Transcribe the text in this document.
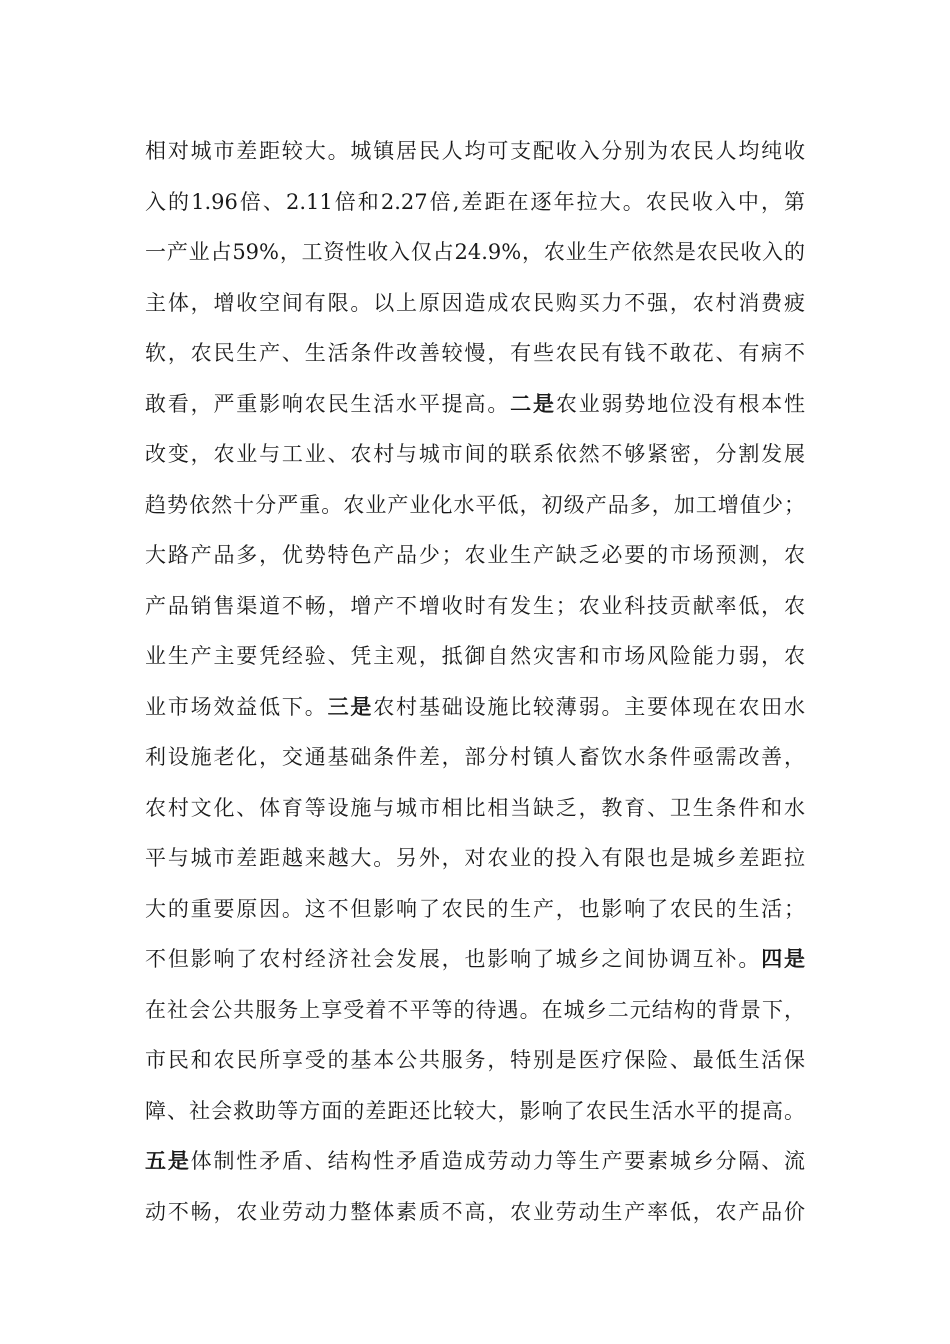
相对城市差距较大。城镇居民人均可支配收入分别为农民人均纯收
入的1.96倍、2.11倍和2.27倍,差距在逐年拉大。农民收入中，第
一产业占59%，工资性收入仅占24.9%，农业生产依然是农民收入的
主体，增收空间有限。以上原因造成农民购买力不强，农村消费疲
软，农民生产、生活条件改善较慢，有些农民有钱不敢花、有病不
敢看，严重影响农民生活水平提高。二是农业弱势地位没有根本性
改变，农业与工业、农村与城市间的联系依然不够紧密，分割发展
趋势依然十分严重。农业产业化水平低，初级产品多，加工增值少；
大路产品多，优势特色产品少；农业生产缺乏必要的市场预测，农
产品销售渠道不畅，增产不增收时有发生；农业科技贡献率低，农
业生产主要凭经验、凭主观，抵御自然灾害和市场风险能力弱，农
业市场效益低下。三是农村基础设施比较薄弱。主要体现在农田水
利设施老化，交通基础条件差，部分村镇人畜饮水条件亟需改善，
农村文化、体育等设施与城市相比相当缺乏，教育、卫生条件和水
平与城市差距越来越大。另外，对农业的投入有限也是城乡差距拉
大的重要原因。这不但影响了农民的生产，也影响了农民的生活；
不但影响了农村经济社会发展，也影响了城乡之间协调互补。四是
在社会公共服务上享受着不平等的待遇。在城乡二元结构的背景下，
市民和农民所享受的基本公共服务，特别是医疗保险、最低生活保
障、社会救助等方面的差距还比较大，影响了农民生活水平的提高。
五是体制性矛盾、结构性矛盾造成劳动力等生产要素城乡分隔、流
动不畅，农业劳动力整体素质不高，农业劳动生产率低，农产品价
